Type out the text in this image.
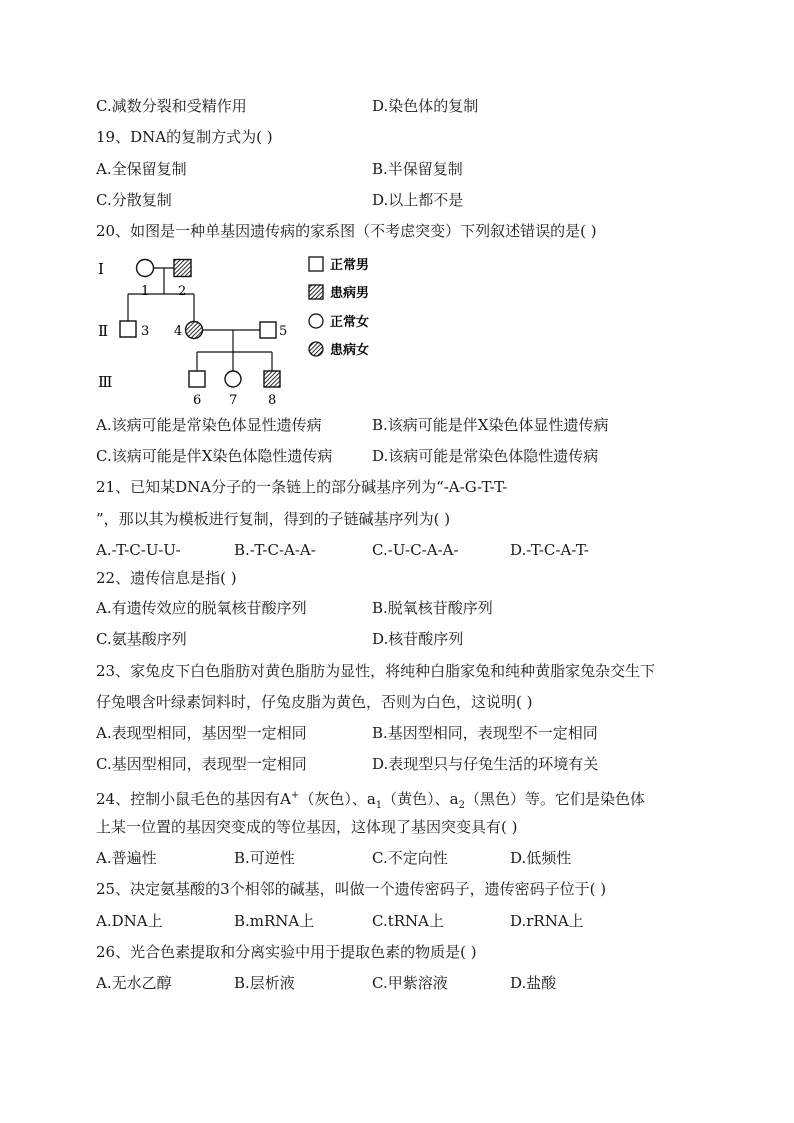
C.减数分裂和受精作用	D.染色体的复制
19、DNA的复制方式为( )
A.全保留复制	B.半保留复制
C.分散复制	D.以上都不是
20、如图是一种单基因遗传病的家系图（不考虑突变）下列叙述错误的是( )
Ⅰ
Ⅱ
Ⅲ
1 2
3 4	5
6 7 8
正常男
患病男
正常女
患病女
A.该病可能是常染色体显性遗传病	B.该病可能是伴X染色体显性遗传病
C.该病可能是伴X染色体隐性遗传病	D.该病可能是常染色体隐性遗传病
21、已知某DNA分子的一条链上的部分碱基序列为“-A-G-T-T-
”，那以其为模板进行复制，得到的子链碱基序列为( )
A.-T-C-U-U-	B.-T-C-A-A-	C.-U-C-A-A-	D.-T-C-A-T-
22、遗传信息是指( )
A.有遗传效应的脱氧核苷酸序列	B.脱氧核苷酸序列
C.氨基酸序列	D.核苷酸序列
23、家兔皮下白色脂肪对黄色脂肪为显性，将纯种白脂家兔和纯种黄脂家兔杂交生下
仔兔喂含叶绿素饲料时，仔兔皮脂为黄色，否则为白色，这说明( )
A.表现型相同，基因型一定相同	B.基因型相同，表现型不一定相同
C.基因型相同，表现型一定相同	D.表现型只与仔兔生活的环境有关
24、控制小鼠毛色的基因有A+（灰色）、$a_1$（黄色）、$a_2$（黑色）等。它们是染色体
上某一位置的基因突变成的等位基因，这体现了基因突变具有( )
A.普遍性	B.可逆性	C.不定向性	D.低频性
25、决定氨基酸的3个相邻的碱基，叫做一个遗传密码子，遗传密码子位于( )
A.DNA上	B.mRNA上	C.tRNA上	D.rRNA上
26、光合色素提取和分离实验中用于提取色素的物质是( )
A.无水乙醇	B.层析液	C.甲紫溶液	D.盐酸
